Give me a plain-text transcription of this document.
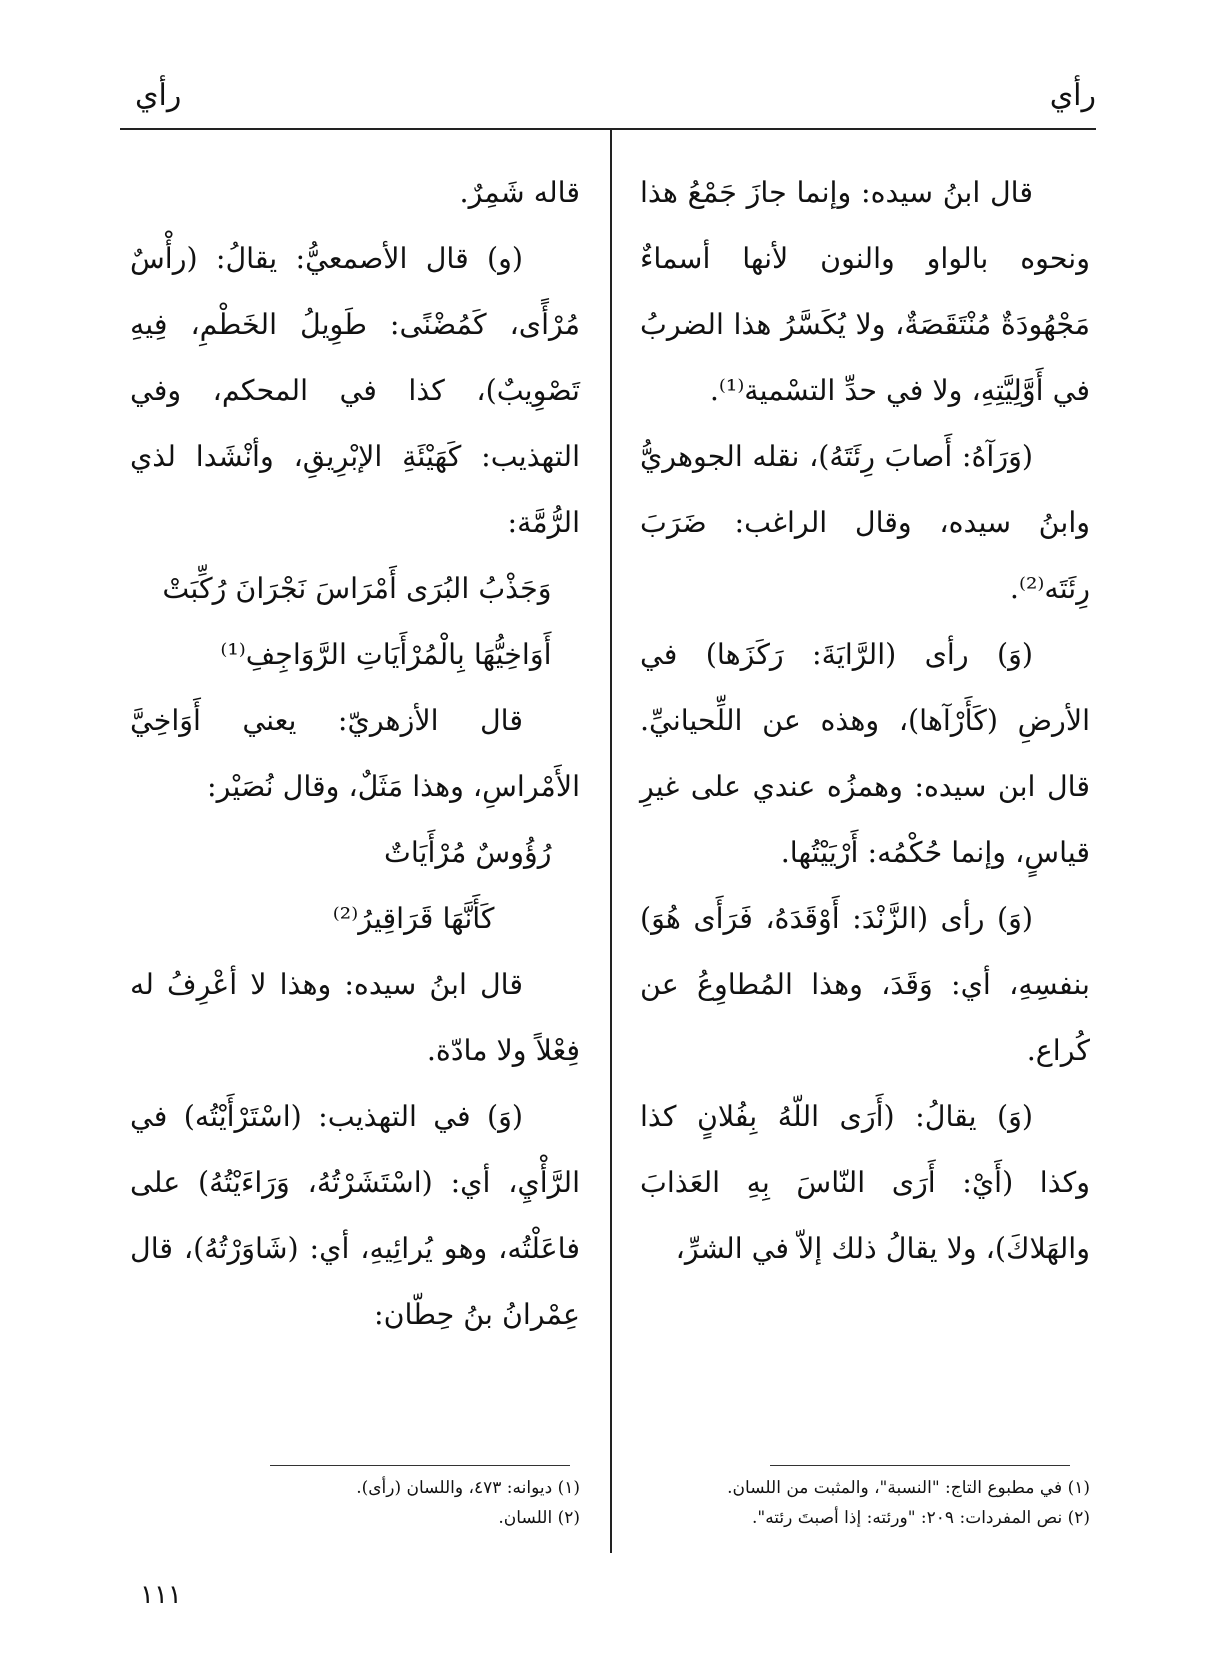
رأي
رأي

قال ابنُ سيده: وإنما جازَ جَمْعُ هذا ونحوه بالواو والنون لأنها أسماءٌ مَجْهُودَةٌ مُنْتَقَصَةٌ، ولا يُكَسَّرُ هذا الضربُ في أَوَّلِيَّتِهِ، ولا في حدِّ التسْمية⁽¹⁾.

(وَرَآهُ: أَصابَ رِئَتَهُ)، نقله الجوهريُّ وابنُ سيده، وقال الراغب: ضَرَبَ رِئَتَه⁽²⁾.

(وَ) رأى (الرَّايَةَ: رَكَزَها) في الأرضِ (كَأَرْآها)، وهذه عن اللِّحيانيِّ. قال ابن سيده: وهمزُه عندي على غيرِ قياسٍ، وإنما حُكْمُه: أَرْيَيْتُها.

(وَ) رأى (الزَّنْدَ: أَوْقَدَهُ، فَرَأَى هُوَ) بنفسِهِ، أي: وَقَدَ، وهذا المُطاوِعُ عن كُراع.

(وَ) يقالُ: (أَرَى اللّهُ بِفُلانٍ كذا وكذا (أَيْ: أَرَى النّاسَ بِهِ العَذابَ والهَلاكَ)، ولا يقالُ ذلك إلاّ في الشرِّ،

قاله شَمِرٌ.

(و) قال الأصمعيُّ: يقالُ: (رأْسٌ مُرْأًى، كَمُضْنًى: طَوِيلُ الخَطْمِ، فِيهِ تَصْوِيبٌ)، كذا في المحكم، وفي التهذيب: كَهَيْئَةِ الإبْرِيقِ، وأنْشَدا لذي الرُّمَّة:

وَجَذْبُ البُرَى أَمْرَاسَ نَجْرَانَ رُكِّبَتْ

أَوَاخِيُّهَا بِالْمُرْأَيَاتِ الرَّوَاجِفِ⁽¹⁾

قال الأزهريّ: يعني أَوَاخِيَّ الأَمْراسِ، وهذا مَثَلٌ، وقال نُصَيْر:

رُؤُوسٌ مُرْأَيَاتٌ

كَأَنَّهَا قَرَاقِيرُ⁽²⁾

قال ابنُ سيده: وهذا لا أعْرِفُ له فِعْلاً ولا مادّة.

(وَ) في التهذيب: (اسْتَرْأَيْتُه) في الرَّأْيِ، أي: (اسْتَشَرْتُهُ، وَرَاءَيْتُهُ) على فاعَلْتُه، وهو يُرائِيهِ، أي: (شَاوَرْتُهُ)، قال عِمْرانُ بنُ حِطّان:

(١) في مطبوع التاج: "النسبة"، والمثبت من اللسان.
(٢) نص المفردات: ٢٠٩: "ورئته: إذا أصبتَ رئته".
(١) ديوانه: ٤٧٣، واللسان (رأى).
(٢) اللسان.
١١١
